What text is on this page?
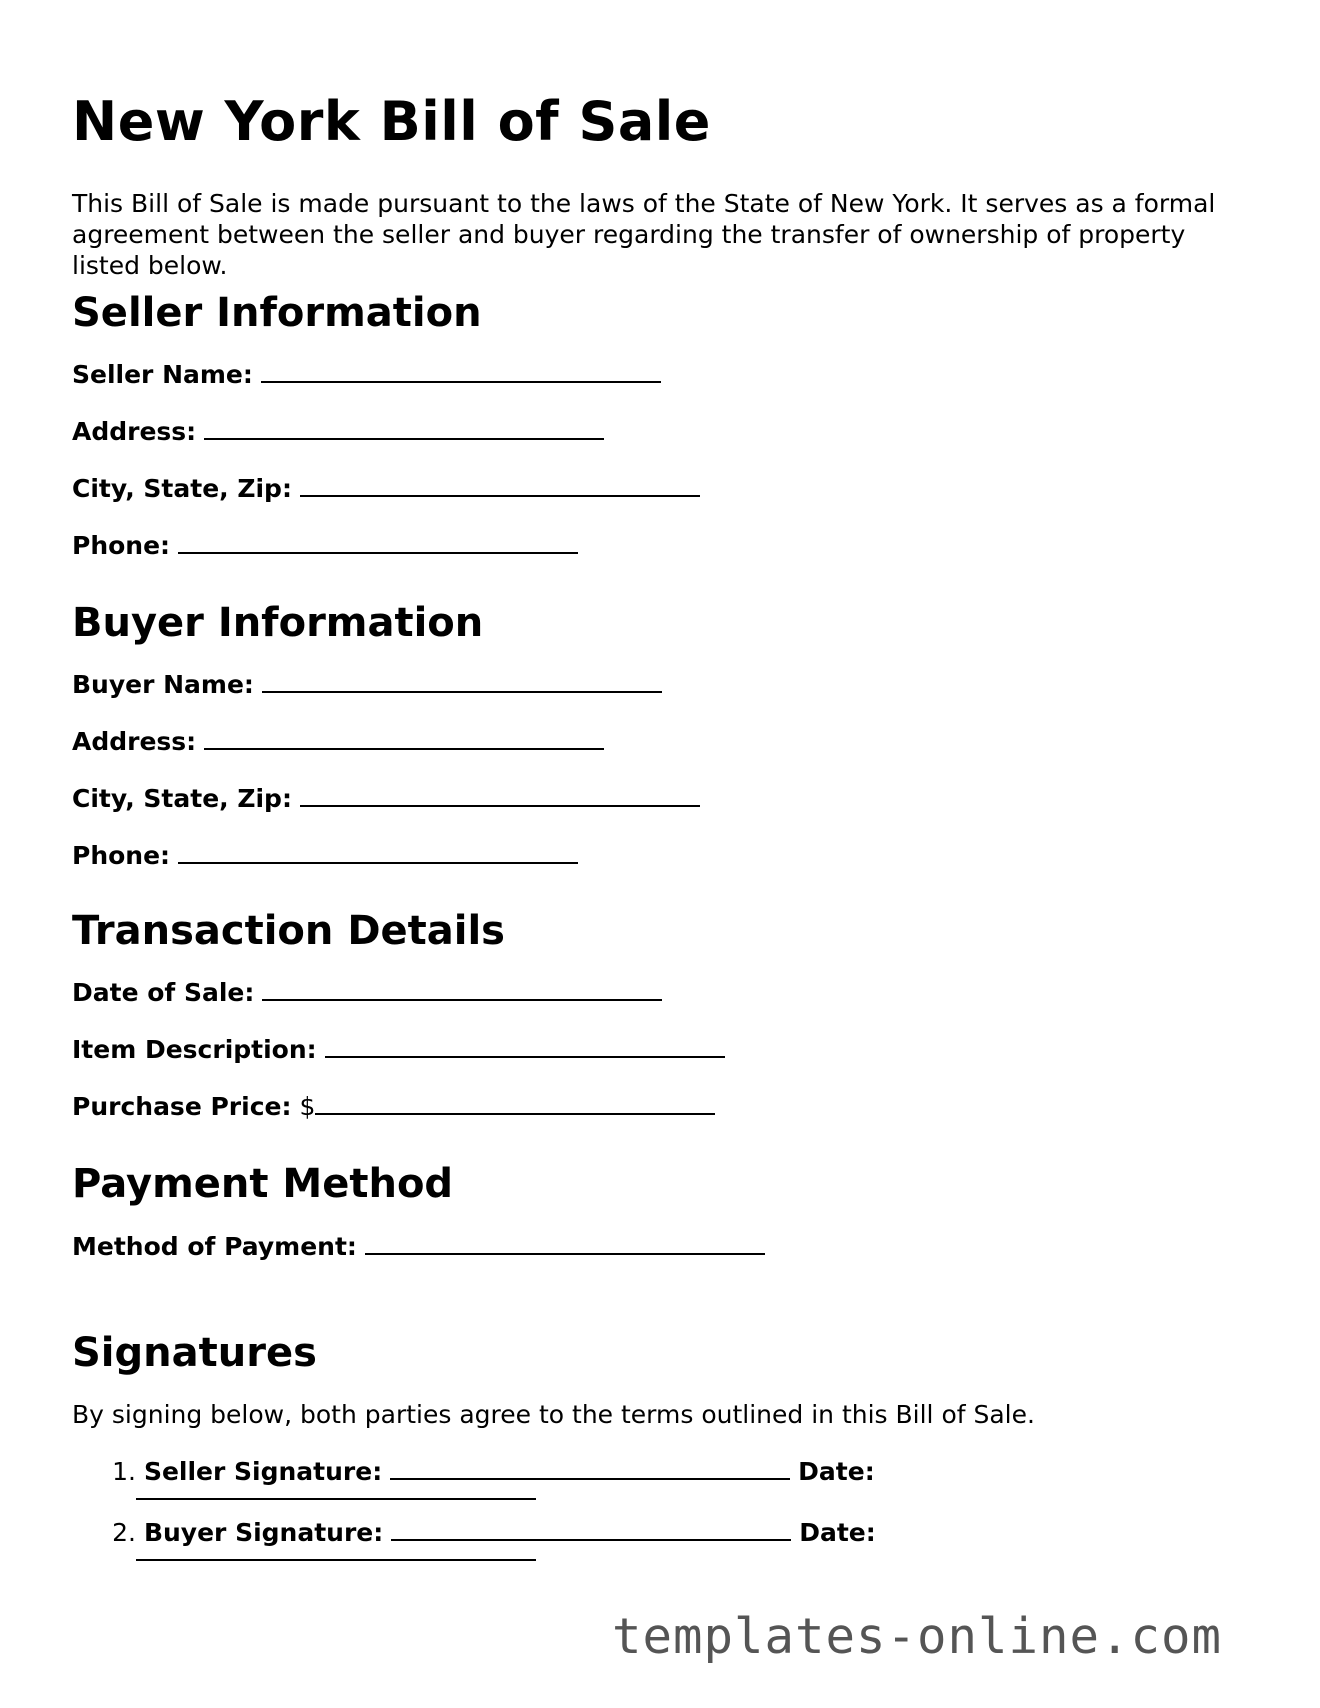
New York Bill of Sale

This Bill of Sale is made pursuant to the laws of the State of New York. It serves as a formal agreement between the seller and buyer regarding the transfer of ownership of property listed below.

Seller Information
Seller Name:
Address:
City, State, Zip:
Phone:
Buyer Information
Buyer Name:
Address:
City, State, Zip:
Phone:
Transaction Details
Date of Sale:
Item Description:
Purchase Price: $
Payment Method
Method of Payment:
Signatures

By signing below, both parties agree to the terms outlined in this Bill of Sale.

1. Seller Signature:	Date:
2. Buyer Signature:	Date:
templates-online.com
